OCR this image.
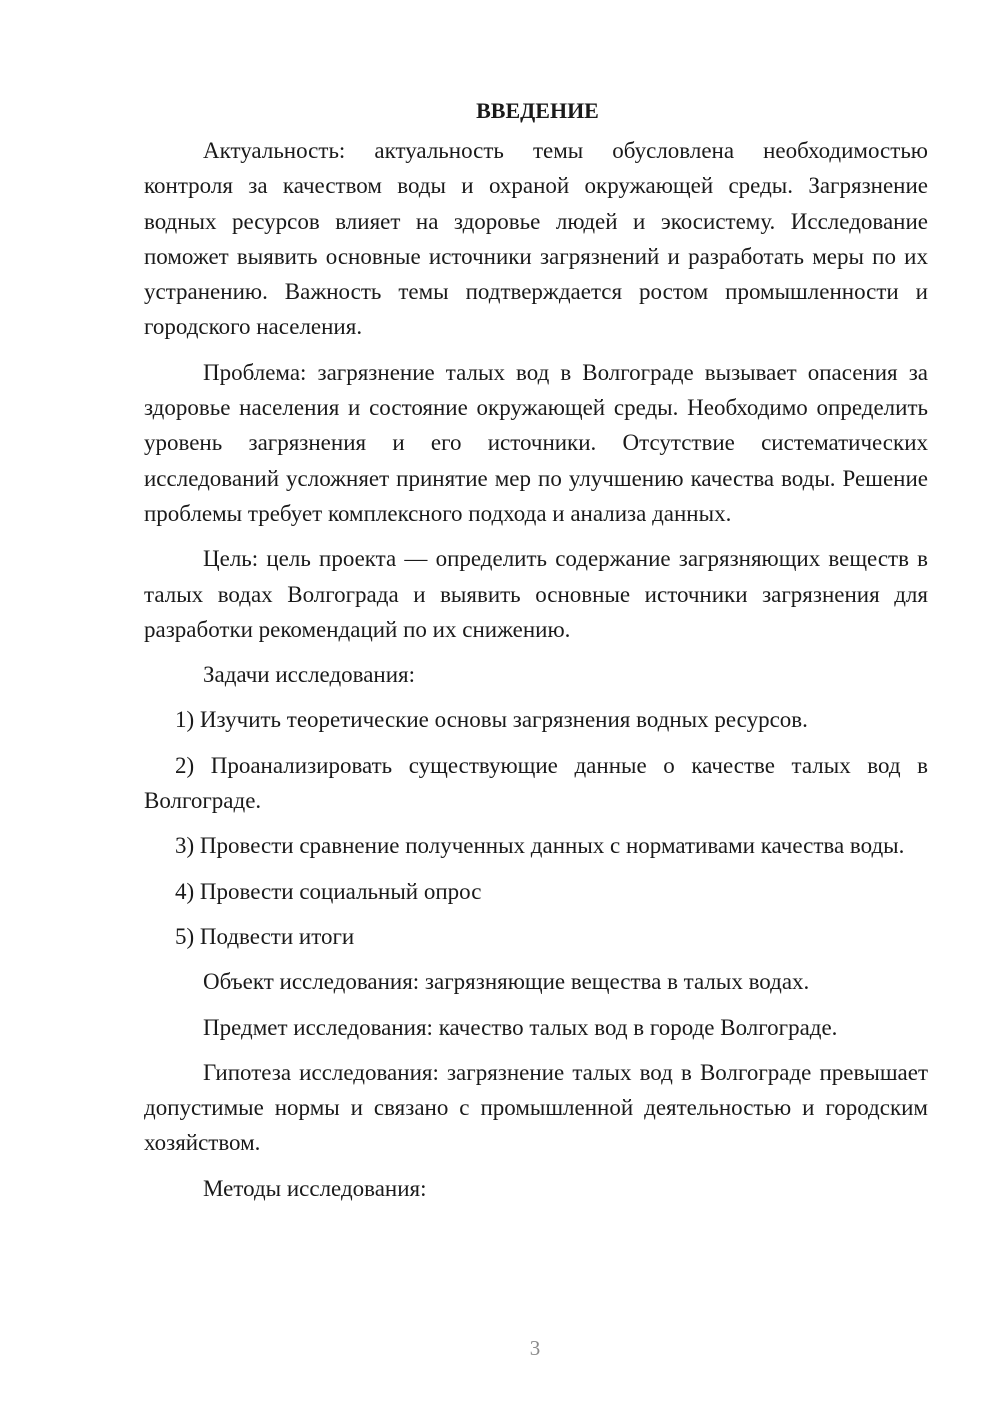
ВВЕДЕНИЕ

Актуальность: актуальность темы обусловлена необходимостью контроля за качеством воды и охраной окружающей среды. Загрязнение водных ресурсов влияет на здоровье людей и экосистему. Исследование поможет выявить основные источники загрязнений и разработать меры по их устранению. Важность темы подтверждается ростом промышленности и городского населения.

Проблема: загрязнение талых вод в Волгограде вызывает опасения за здоровье населения и состояние окружающей среды. Необходимо определить уровень загрязнения и его источники. Отсутствие систематических исследований усложняет принятие мер по улучшению качества воды. Решение проблемы требует комплексного подхода и анализа данных.

Цель: цель проекта — определить содержание загрязняющих веществ в талых водах Волгограда и выявить основные источники загрязнения для разработки рекомендаций по их снижению.

Задачи исследования:

1) Изучить теоретические основы загрязнения водных ресурсов.

2) Проанализировать существующие данные о качестве талых вод в Волгограде.

3) Провести сравнение полученных данных с нормативами качества воды.

4) Провести социальный опрос

5) Подвести итоги

Объект исследования: загрязняющие вещества в талых водах.

Предмет исследования: качество талых вод в городе Волгограде.

Гипотеза исследования: загрязнение талых вод в Волгограде превышает допустимые нормы и связано с промышленной деятельностью и городским хозяйством.

Методы исследования:

3
